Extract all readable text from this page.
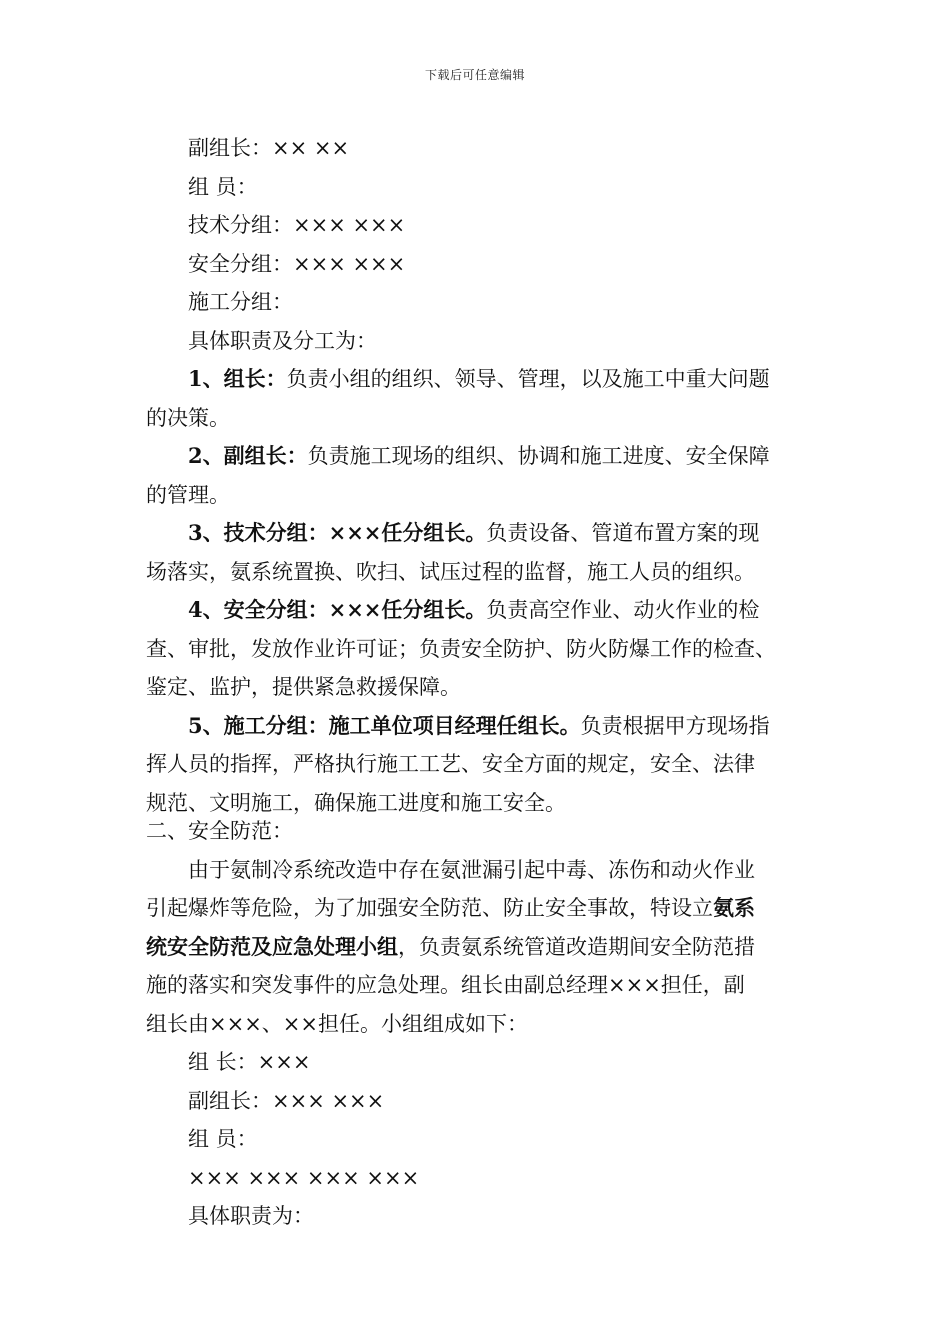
下载后可任意编辑

副组长：×× ××

组 员：

技术分组：××× ×××

安全分组：××× ×××

施工分组：

具体职责及分工为：

1、组长：负责小组的组织、领导、管理，以及施工中重大问题

的决策。

2、副组长：负责施工现场的组织、协调和施工进度、安全保障

的管理。

3、技术分组：×××任分组长。负责设备、管道布置方案的现

场落实，氨系统置换、吹扫、试压过程的监督，施工人员的组织。

4、安全分组：×××任分组长。负责高空作业、动火作业的检

查、审批，发放作业许可证；负责安全防护、防火防爆工作的检查、

鉴定、监护，提供紧急救援保障。

5、施工分组：施工单位项目经理任组长。负责根据甲方现场指

挥人员的指挥，严格执行施工工艺、安全方面的规定，安全、法律

规范、文明施工，确保施工进度和施工安全。

二、安全防范：

由于氨制冷系统改造中存在氨泄漏引起中毒、冻伤和动火作业

引起爆炸等危险，为了加强安全防范、防止安全事故，特设立氨系

统安全防范及应急处理小组，负责氨系统管道改造期间安全防范措

施的落实和突发事件的应急处理。组长由副总经理×××担任，副

组长由×××、××担任。小组组成如下：

组 长：×××

副组长：××× ×××

组 员：

××× ××× ××× ×××

具体职责为：
